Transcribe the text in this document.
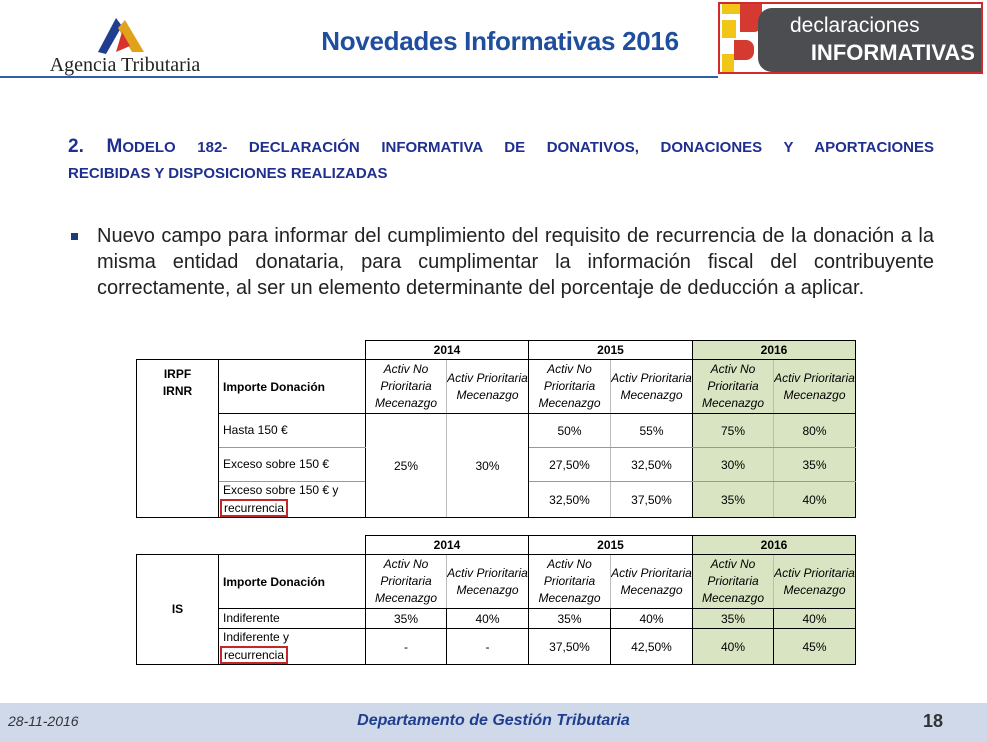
Agencia Tributaria
Novedades Informativas 2016
declaraciones
INFORMATIVAS
2. MODELO 182- DECLARACIÓN INFORMATIVA DE DONATIVOS, DONACIONES Y APORTACIONES
RECIBIDAS Y DISPOSICIONES REALIZADAS
Nuevo campo para informar del cumplimiento del requisito de recurrencia de la donación a la misma entidad donataria, para cumplimentar la información fiscal del contribuyente correctamente, al ser un elemento determinante del porcentaje de deducción a aplicar.
		2014		2015		2016	

IRPF IRNR	Importe Donación	Activ No Prioritaria Mecenazgo	Activ Prioritaria Mecenazgo	Activ No Prioritaria Mecenazgo	Activ Prioritaria Mecenazgo	Activ No Prioritaria Mecenazgo	Activ Prioritaria Mecenazgo
	Hasta 150 €	25%	30%	50%	55%	75%	80%
	Exceso sobre 150 €			27,50%	32,50%	30%	35%

	Exceso sobre 150 € y
recurrencia			32,50%	37,50%	35%	40%
		2014		2015		2016	
IS	Importe Donación	Activ No Prioritaria Mecenazgo	Activ Prioritaria Mecenazgo	Activ No Prioritaria Mecenazgo	Activ Prioritaria Mecenazgo	Activ No Prioritaria Mecenazgo	Activ Prioritaria Mecenazgo
	Indiferente	35%	40%	35%	40%	35%	40%

	Indiferente y
recurrencia	-	-	37,50%	42,50%	40%	45%
28-11-2016	Departamento de Gestión Tributaria	18
